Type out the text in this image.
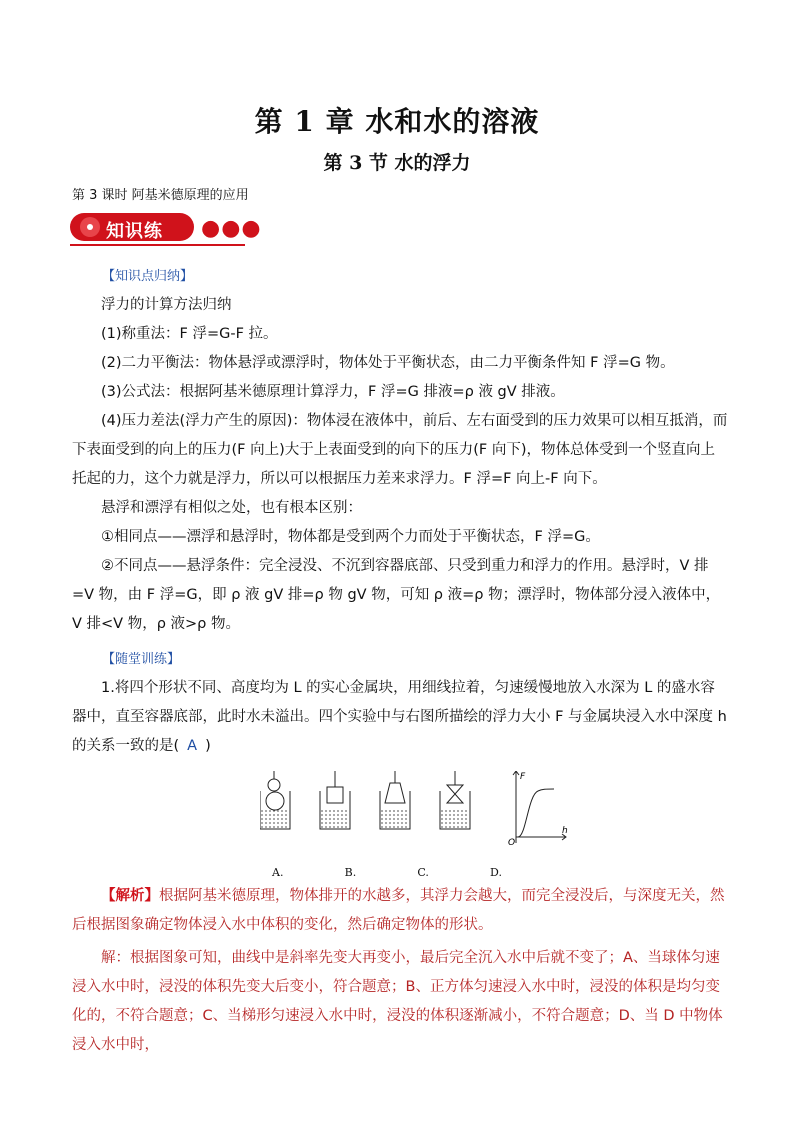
第 1 章 水和水的溶液
第 3 节 水的浮力
第 3 课时 阿基米德原理的应用
知识练 ●●●

【知识点归纳】

浮力的计算方法归纳

(1)称重法：F 浮=G-F 拉。

(2)二力平衡法：物体悬浮或漂浮时，物体处于平衡状态，由二力平衡条件知 F 浮=G 物。

(3)公式法：根据阿基米德原理计算浮力，F 浮=G 排液=ρ 液 gV 排液。

(4)压力差法(浮力产生的原因)：物体浸在液体中，前后、左右面受到的压力效果可以相互抵消，而下表面受到的向上的压力(F 向上)大于上表面受到的向下的压力(F 向下)，物体总体受到一个竖直向上托起的力，这个力就是浮力，所以可以根据压力差来求浮力。F 浮=F 向上-F 向下。

悬浮和漂浮有相似之处，也有根本区别：

①相同点——漂浮和悬浮时，物体都是受到两个力而处于平衡状态，F 浮=G。

②不同点——悬浮条件：完全浸没、不沉到容器底部、只受到重力和浮力的作用。悬浮时，V 排=V 物，由 F 浮=G，即 ρ 液 gV 排=ρ 物 gV 物，可知 ρ 液=ρ 物；漂浮时，物体部分浸入液体中，V 排<V 物，ρ 液>ρ 物。

【随堂训练】

1.将四个形状不同、高度均为 L 的实心金属块，用细线拉着，匀速缓慢地放入水深为 L 的盛水容器中，直至容器底部，此时水未溢出。四个实验中与右图所描绘的浮力大小 F 与金属块浸入水中深度 h 的关系一致的是( A )

F
h
O
A.	B.	C.	D.

【解析】根据阿基米德原理，物体排开的水越多，其浮力会越大，而完全浸没后，与深度无关，然后根据图象确定物体浸入水中体积的变化，然后确定物体的形状。

解：根据图象可知，曲线中是斜率先变大再变小，最后完全沉入水中后就不变了；A、当球体匀速浸入水中时，浸没的体积先变大后变小，符合题意；B、正方体匀速浸入水中时，浸没的体积是均匀变化的，不符合题意；C、当梯形匀速浸入水中时，浸没的体积逐渐减小，不符合题意；D、当 D 中物体浸入水中时，
